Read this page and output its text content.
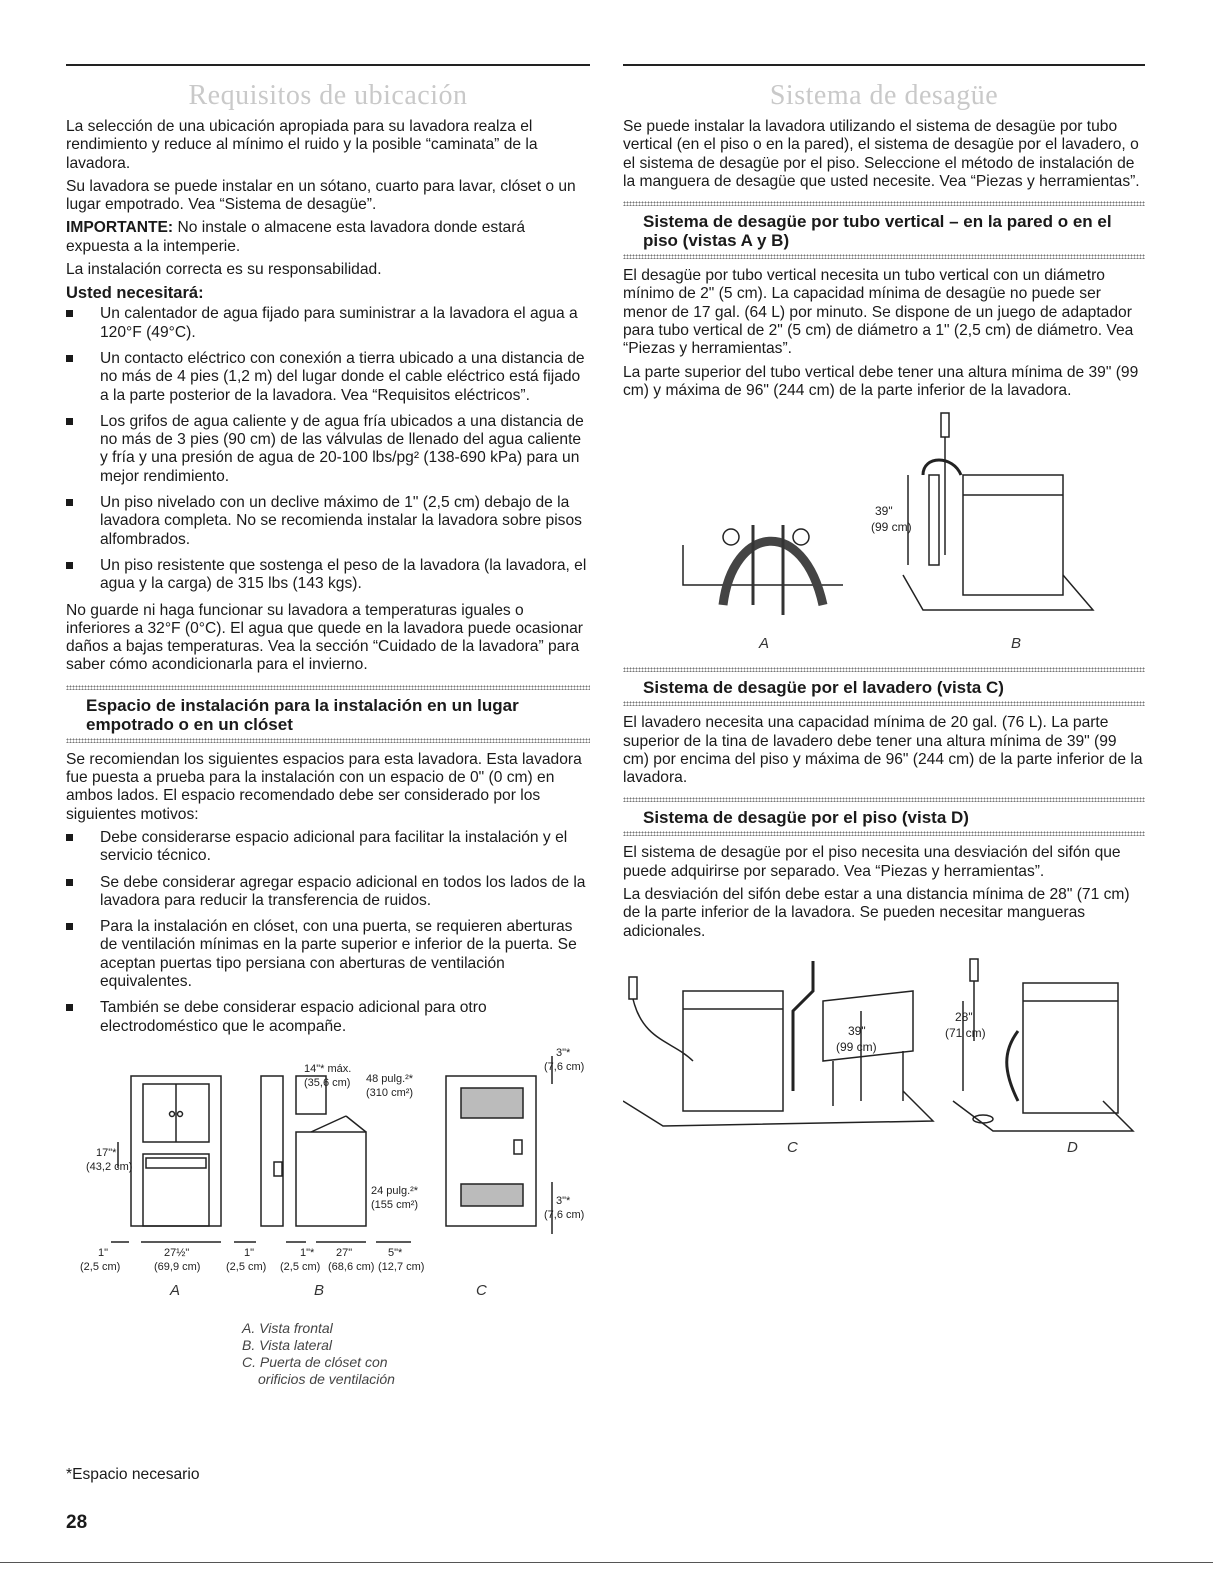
Requisitos de ubicación

La selección de una ubicación apropiada para su lavadora realza el rendimiento y reduce al mínimo el ruido y la posible “caminata” de la lavadora.

Su lavadora se puede instalar en un sótano, cuarto para lavar, clóset o un lugar empotrado. Vea “Sistema de desagüe”.

IMPORTANTE: No instale o almacene esta lavadora donde estará expuesta a la intemperie.

La instalación correcta es su responsabilidad.

Usted necesitará:
Un calentador de agua fijado para suministrar a la lavadora el agua a 120°F (49°C).
Un contacto eléctrico con conexión a tierra ubicado a una distancia de no más de 4 pies (1,2 m) del lugar donde el cable eléctrico está fijado a la parte posterior de la lavadora. Vea “Requisitos eléctricos”.
Los grifos de agua caliente y de agua fría ubicados a una distancia de no más de 3 pies (90 cm) de las válvulas de llenado del agua caliente y fría y una presión de agua de 20-100 lbs/pg² (138-690 kPa) para un mejor rendimiento.
Un piso nivelado con un declive máximo de 1" (2,5 cm) debajo de la lavadora completa. No se recomienda instalar la lavadora sobre pisos alfombrados.
Un piso resistente que sostenga el peso de la lavadora (la lavadora, el agua y la carga) de 315 lbs (143 kgs).

No guarde ni haga funcionar su lavadora a temperaturas iguales o inferiores a 32°F (0°C). El agua que quede en la lavadora puede ocasionar daños a bajas temperaturas. Vea la sección “Cuidado de la lavadora” para saber cómo acondicionarla para el invierno.

Espacio de instalación para la instalación en un lugar empotrado o en un clóset

Se recomiendan los siguientes espacios para esta lavadora. Esta lavadora fue puesta a prueba para la instalación con un espacio de 0" (0 cm) en ambos lados. El espacio recomendado debe ser considerado por los siguientes motivos:

Debe considerarse espacio adicional para facilitar la instalación y el servicio técnico.
Se debe considerar agregar espacio adicional en todos los lados de la lavadora para reducir la transferencia de ruidos.
Para la instalación en clóset, con una puerta, se requieren aberturas de ventilación mínimas en la parte superior e inferior de la puerta. Se aceptan puertas tipo persiana con aberturas de ventilación equivalentes.
También se debe considerar espacio adicional para otro electrodoméstico que le acompañe.
17"*
(43,2 cm)
14"* máx.
(35,6 cm) 48 pulg.²*
(310 cm²)
24 pulg.²*
(155 cm²)
3"*
(7,6 cm)
3"*
(7,6 cm)
1"
(2,5 cm)
27½"
(69,9 cm)
1"
(2,5 cm)
1"*
(2,5 cm)
27"
(68,6 cm)
5"*
(12,7 cm)
A	B	C
A. Vista frontal
B. Vista lateral
C. Puerta de clóset con
orificios de ventilación
Sistema de desagüe

Se puede instalar la lavadora utilizando el sistema de desagüe por tubo vertical (en el piso o en la pared), el sistema de desagüe por el lavadero, o el sistema de desagüe por el piso. Seleccione el método de instalación de la manguera de desagüe que usted necesite. Vea “Piezas y herramientas”.

Sistema de desagüe por tubo vertical – en la pared o en el piso (vistas A y B)

El desagüe por tubo vertical necesita un tubo vertical con un diámetro mínimo de 2" (5 cm). La capacidad mínima de desagüe no puede ser menor de 17 gal. (64 L) por minuto. Se dispone de un juego de adaptador para tubo vertical de 2" (5 cm) de diámetro a 1" (2,5 cm) de diámetro. Vea “Piezas y herramientas”.

La parte superior del tubo vertical debe tener una altura mínima de 39" (99 cm) y máxima de 96" (244 cm) de la parte inferior de la lavadora.

39"
(99 cm)
A	B
Sistema de desagüe por el lavadero (vista C)

El lavadero necesita una capacidad mínima de 20 gal. (76 L). La parte superior de la tina de lavadero debe tener una altura mínima de 39" (99 cm) por encima del piso y máxima de 96" (244 cm) de la parte inferior de la lavadora.

Sistema de desagüe por el piso (vista D)

El sistema de desagüe por el piso necesita una desviación del sifón que puede adquirirse por separado. Vea “Piezas y herramientas”.

La desviación del sifón debe estar a una distancia mínima de 28" (71 cm) de la parte inferior de la lavadora. Se pueden necesitar mangueras adicionales.

39"
(99 cm)
28"
(71 cm)
C	D
*Espacio necesario
28
